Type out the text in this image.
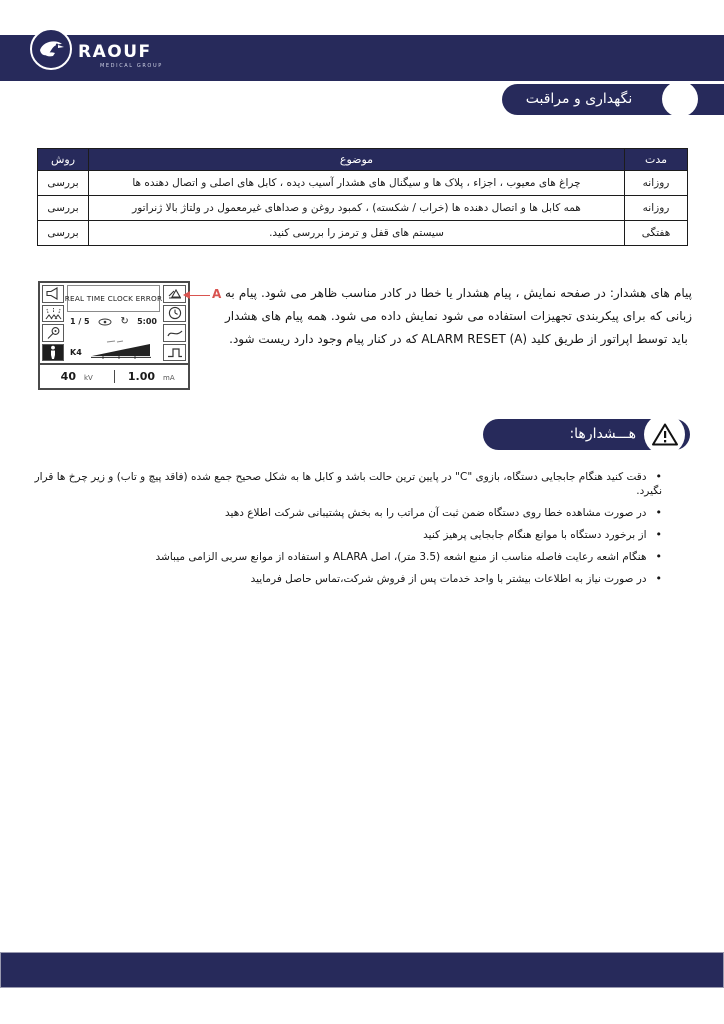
RAOUF
MEDICAL GROUP
نگهداری و مراقبت
مدت	موضوع	روش
روزانه	چراغ های معیوب ، اجزاء ، پلاک ها و سیگنال های هشدار آسیب دیده ، کابل های اصلی و اتصال دهنده ها	بررسی
روزانه	همه کابل ها و اتصال دهنده ها (خراب / شکسته) ، کمبود روغن و صداهای غیرمعمول در ولتاژ بالا ژنراتور	بررسی
هفتگی	سیستم های قفل و ترمز را بررسی کنید.	بررسی
REAL TIME CLOCK ERROR
1 / 5	↻ 5:00
K4
40 kV	1.00 mA
A پیام های هشدار: در صفحه نمایش ، پیام هشدار یا خطا در کادر مناسب ظاهر می شود. پیام به زبانی که برای پیکربندی تجهیزات استفاده می شود نمایش داده می شود. همه پیام های هشدار باید توسط اپراتور از طریق کلید ALARM RESET (A) که در کنار پیام وجود دارد ریست شود.
هـــشدارها:
• دقت کنید هنگام جابجایی دستگاه، بازوی "C" در پایین ترین حالت باشد و کابل ها به شکل صحیح جمع شده (فاقد پیچ و تاب) و زیر چرخ ها قرار نگیرد.
• در صورت مشاهده خطا روی دستگاه ضمن ثبت آن مراتب را به بخش پشتیبانی شرکت اطلاع دهید
• از برخورد دستگاه با موانع هنگام جابجایی پرهیز کنید
• هنگام اشعه رعایت فاصله مناسب از منبع اشعه (3.5 متر)، اصل ALARA و استفاده از موانع سربی الزامی میباشد
• در صورت نیاز به اطلاعات بیشتر با واحد خدمات پس از فروش شرکت،تماس حاصل فرمایید
